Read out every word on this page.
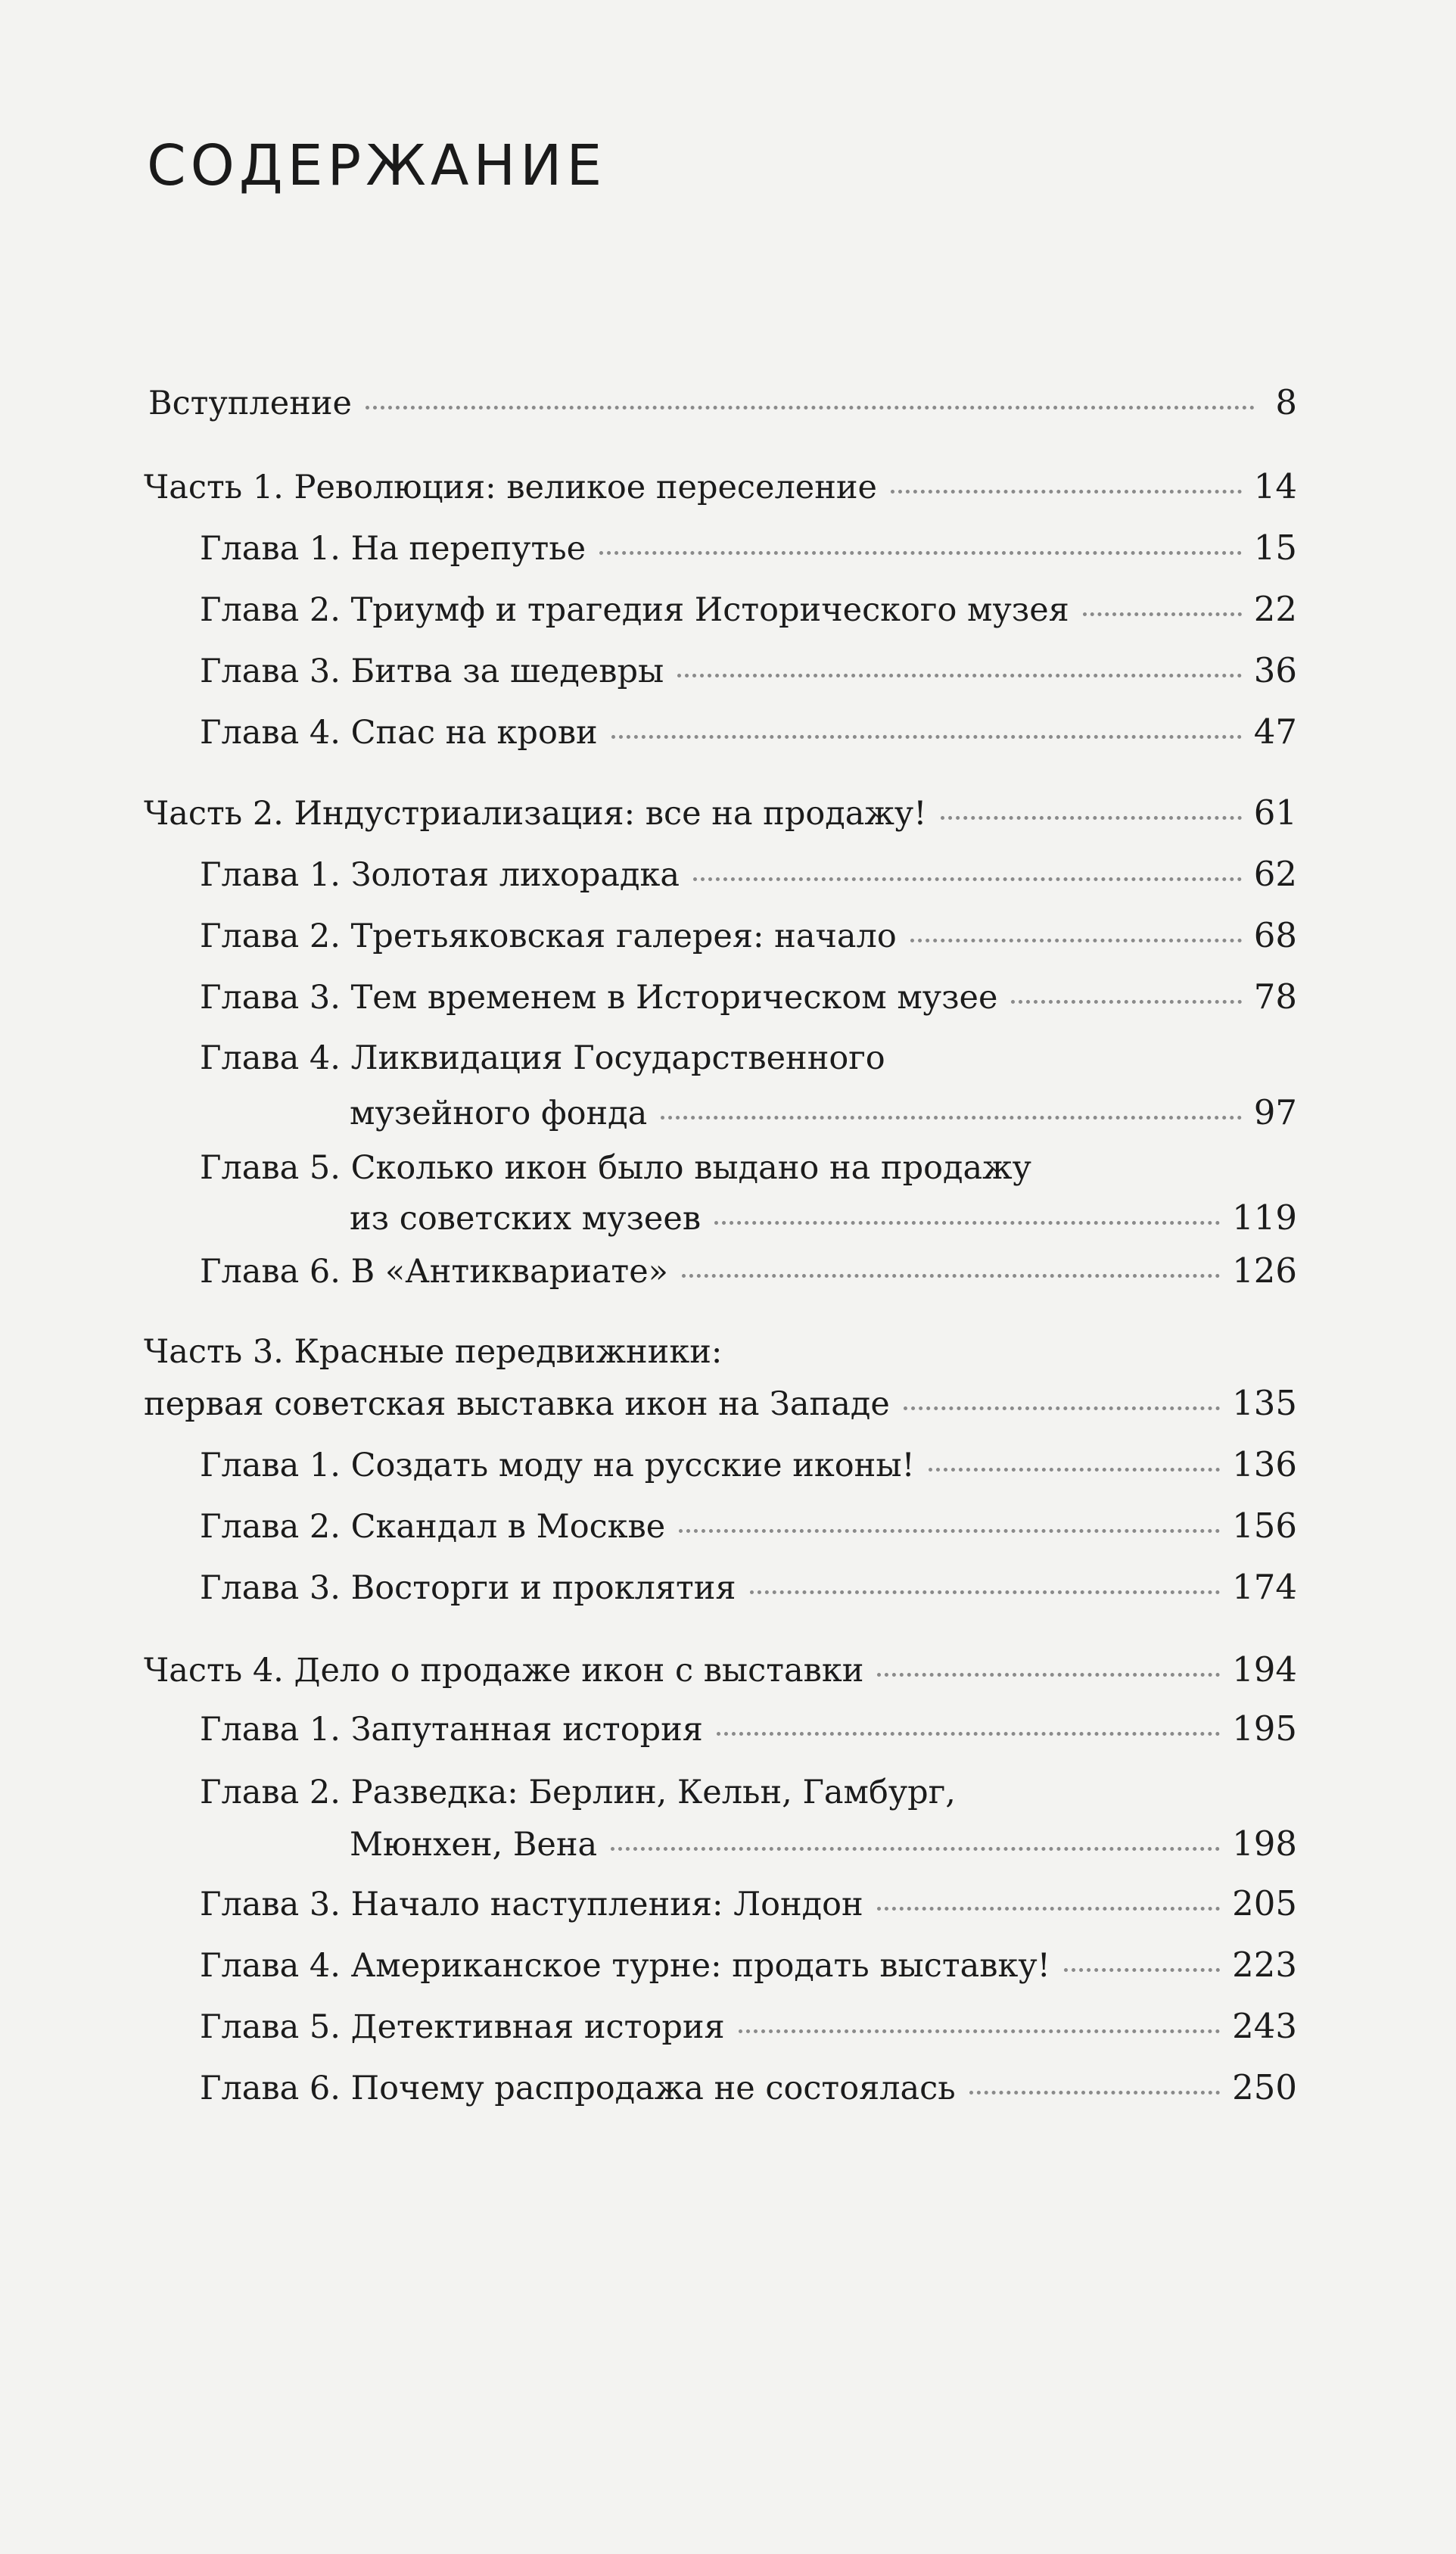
СОДЕРЖАНИЕ
Вступление	8
Часть 1. Революция: великое переселение	14
Глава 1. На перепутье	15
Глава 2. Триумф и трагедия Исторического музея	22
Глава 3. Битва за шедевры	36
Глава 4. Спас на крови	47
Часть 2. Индустриализация: все на продажу!	61
Глава 1. Золотая лихорадка	62
Глава 2. Третьяковская галерея: начало	68
Глава 3. Тем временем в Историческом музее	78
Глава 4. Ликвидация Государственного
музейного фонда	97
Глава 5. Сколько икон было выдано на продажу
из советских музеев	119
Глава 6. В «Антиквариате»	126
Часть 3. Красные передвижники:
первая советская выставка икон на Западе	135
Глава 1. Создать моду на русские иконы!	136
Глава 2. Скандал в Москве	156
Глава 3. Восторги и проклятия	174
Часть 4. Дело о продаже икон с выставки	194
Глава 1. Запутанная история	195
Глава 2. Разведка: Берлин, Кельн, Гамбург,
Мюнхен, Вена	198
Глава 3. Начало наступления: Лондон	205
Глава 4. Американское турне: продать выставку!	223
Глава 5. Детективная история	243
Глава 6. Почему распродажа не состоялась	250
